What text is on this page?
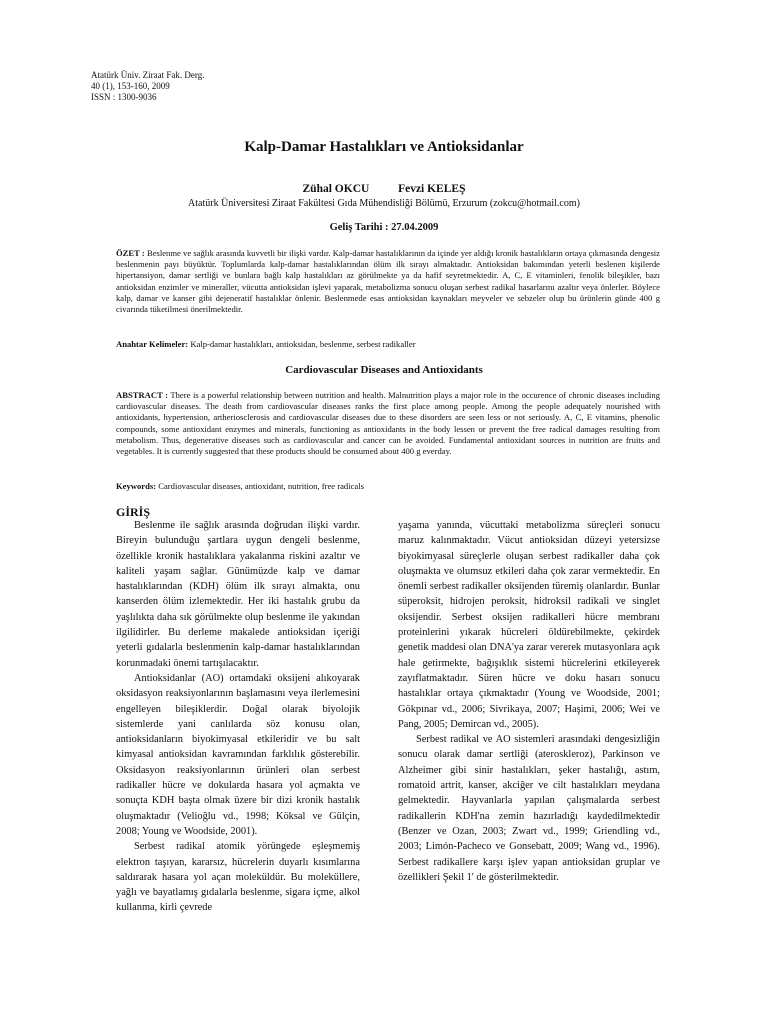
Atatürk Üniv. Ziraat Fak. Derg.
40 (1), 153-160, 2009
ISSN : 1300-9036
Kalp-Damar Hastalıkları ve Antioksidanlar
Zühal OKCU	Fevzi KELEŞ
Atatürk Üniversitesi Ziraat Fakültesi Gıda Mühendisliği Bölümü, Erzurum (zokcu@hotmail.com)
Geliş Tarihi : 27.04.2009
ÖZET : Beslenme ve sağlık arasında kuvvetli bir ilişki vardır. Kalp-damar hastalıklarının da içinde yer aldığı kronik hastalıkların ortaya çıkmasında dengesiz beslenmenin payı büyüktür. Toplumlarda kalp-damar hastalıklarından ölüm ilk sırayı almaktadır. Antioksidan bakımından yeterli beslenen kişilerde hipertansiyon, damar sertliği ve bunlara bağlı kalp hastalıkları az görülmekte ya da hafif seyretmektedir. A, C, E vitaminleri, fenolik bileşikler, bazı antioksidan enzimler ve mineraller, vücutta antioksidan işlevi yaparak, metabolizma sonucu oluşan serbest radikal hasarlarını azaltır veya önlerler. Böylece kalp, damar ve kanser gibi dejeneratif hastalıklar önlenir. Beslenmede esas antioksidan kaynakları meyveler ve sebzeler olup bu ürünlerin günde 400 g civarında tüketilmesi önerilmektedir.
Anahtar Kelimeler: Kalp-damar hastalıkları, antioksidan, beslenme, serbest radikaller
Cardiovascular Diseases and Antioxidants
ABSTRACT : There is a powerful relationship between nutrition and health. Malnutrition plays a major role in the occurence of chronic diseases including cardiovascular diseases. The death from cardiovascular diseases ranks the first place among people. Among the people adequately nourished with antioxidants, hypertension, artheriosclerosis and cardiovascular diseases due to these disorders are seen less or not seriously. A, C, E vitamins, phenolic compounds, some antioxidant enzymes and minerals, functioning as antioxidants in the body lessen or prevent the free radical damages resulting from metabolism. Thus, degenerative diseases such as cardiovascular and cancer can be avoided. Fundamental antioxidant sources in nutrition are fruits and vegetables. It is currently suggested that these products should be consumed about 400 g everday.
Keywords: Cardiovascular diseases, antioxidant, nutrition, free radicals
GİRİŞ

Beslenme ile sağlık arasında doğrudan ilişki vardır. Bireyin bulunduğu şartlara uygun dengeli beslenme, özellikle kronik hastalıklara yakalanma riskini azaltır ve kaliteli yaşam sağlar. Günümüzde kalp ve damar hastalıklarından (KDH) ölüm ilk sırayı almakta, onu kanserden ölüm izlemektedir. Her iki hastalık grubu da yaşlılıkta daha sık görülmekte olup beslenme ile yakından ilgilidirler. Bu derleme makalede antioksidan içeriği yeterli gıdalarla beslenmenin kalp-damar hastalıklarından korunmadaki önemi tartışılacaktır.

Antioksidanlar (AO) ortamdaki oksijeni alıkoyarak oksidasyon reaksiyonlarının başlamasını veya ilerlemesini engelleyen bileşiklerdir. Doğal olarak biyolojik sistemlerde yani canlılarda söz konusu olan, antioksidanların biyokimyasal etkileridir ve bu salt kimyasal antioksidan kavramından farklılık gösterebilir. Oksidasyon reaksiyonlarının ürünleri olan serbest radikaller hücre ve dokularda hasara yol açmakta ve sonuçta KDH başta olmak üzere bir dizi kronik hastalık oluşmaktadır (Velioğlu vd., 1998; Köksal ve Gülçin, 2008; Young ve Woodside, 2001).

Serbest radikal atomik yörüngede eşleşmemiş elektron taşıyan, kararsız, hücrelerin duyarlı kısımlarına saldırarak hasara yol açan moleküldür. Bu moleküllere, yağlı ve bayatlamış gıdalarla beslenme, sigara içme, alkol kullanma, kirli çevrede

yaşama yanında, vücuttaki metabolizma süreçleri sonucu maruz kalınmaktadır. Vücut antioksidan düzeyi yetersizse biyokimyasal süreçlerle oluşan serbest radikaller daha çok oluşmakta ve olumsuz etkileri daha çok zarar vermektedir. En önemli serbest radikaller oksijenden türemiş olanlardır. Bunlar süperoksit, hidrojen peroksit, hidroksil radikali ve singlet oksijendir. Serbest oksijen radikalleri hücre membranı proteinlerini yıkarak hücreleri öldürebilmekte, çekirdek genetik maddesi olan DNA'ya zarar vererek mutasyonlara açık hale getirmekte, bağışıklık sistemi hücrelerini etkileyerek zayıflatmaktadır. Süren hücre ve doku hasarı sonucu hastalıklar ortaya çıkmaktadır (Young ve Woodside, 2001; Gökpınar vd., 2006; Sivrikaya, 2007; Haşimi, 2006; Wei ve Pang, 2005; Demircan vd., 2005).

Serbest radikal ve AO sistemleri arasındaki dengesizliğin sonucu olarak damar sertliği (ateroskleroz), Parkinson ve Alzheimer gibi sinir hastalıkları, şeker hastalığı, astım, romatoid artrit, kanser, akciğer ve cilt hastalıkları meydana gelmektedir. Hayvanlarla yapılan çalışmalarda serbest radikallerin KDH'na zemin hazırladığı kaydedilmektedir (Benzer ve Ozan, 2003; Zwart vd., 1999; Griendling vd., 2003; Limón-Pacheco ve Gonsebatt, 2009; Wang vd., 1996). Serbest radikallere karşı işlev yapan antioksidan gruplar ve özellikleri Şekil 1' de gösterilmektedir.
